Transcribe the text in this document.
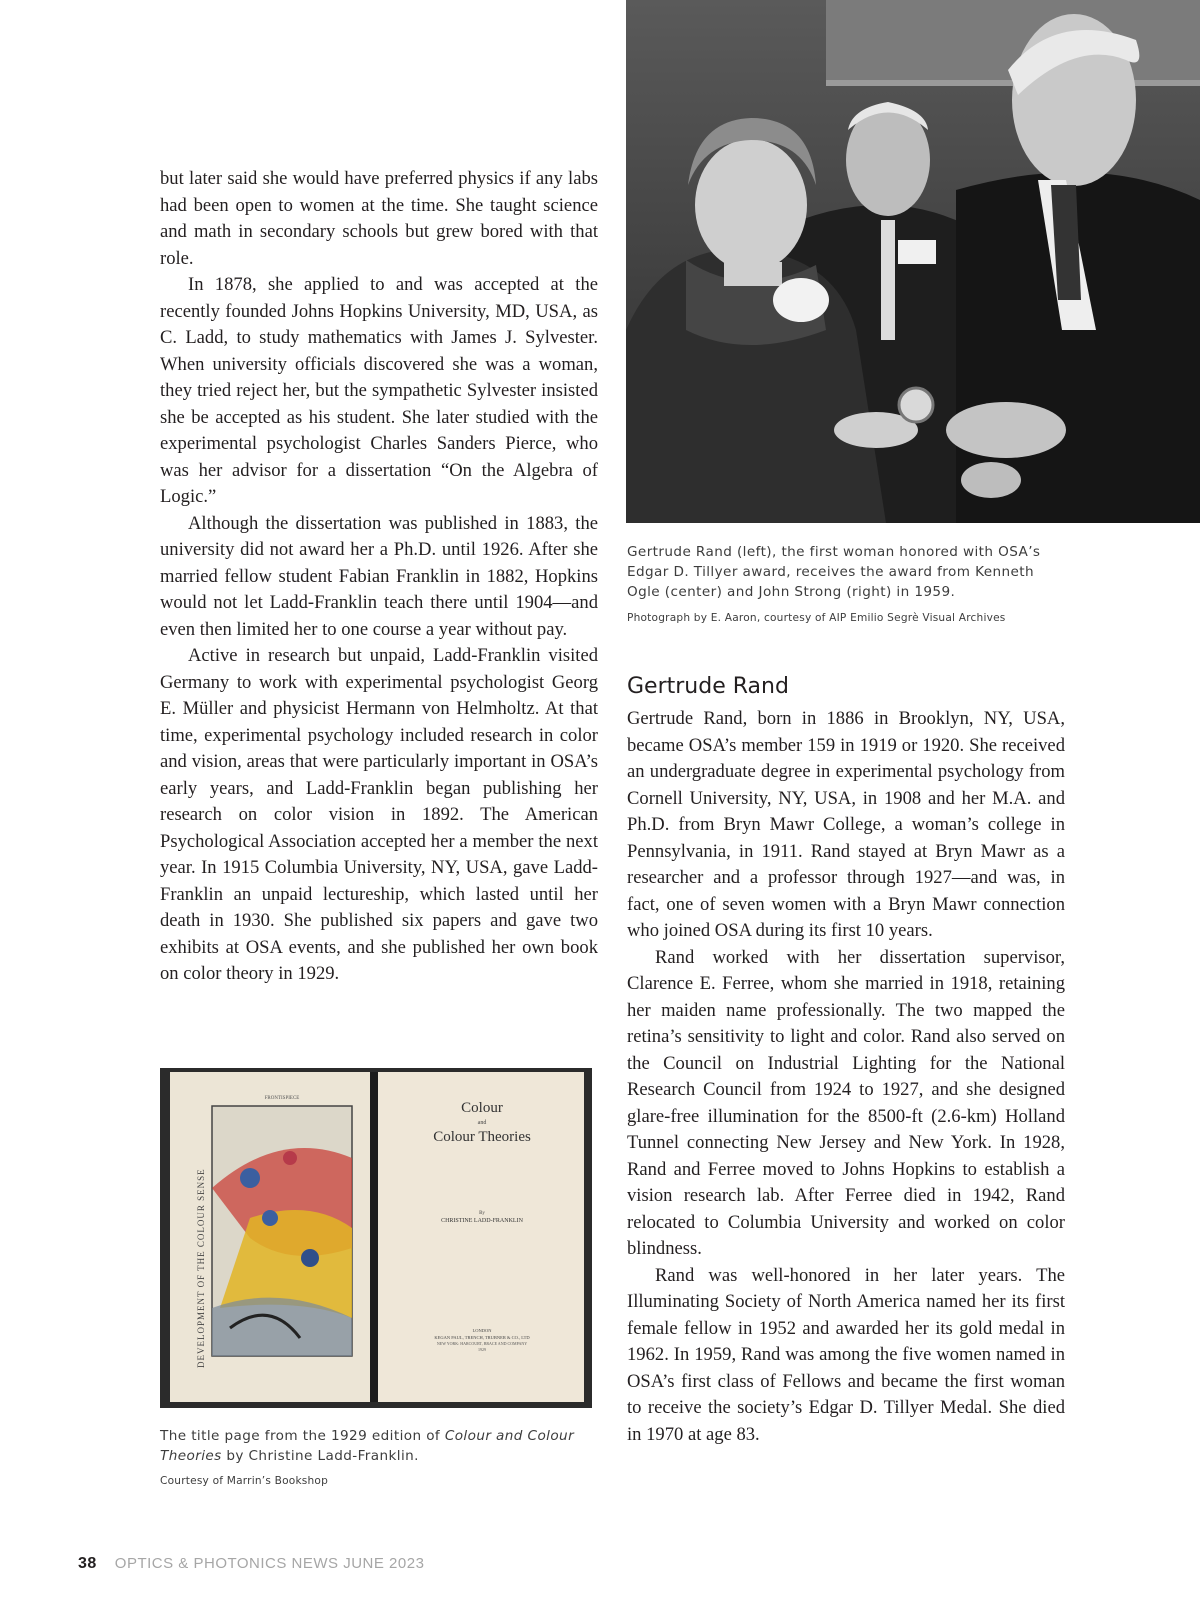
but later said she would have preferred physics if any labs had been open to women at the time. She taught science and math in secondary schools but grew bored with that role.

In 1878, she applied to and was accepted at the recently founded Johns Hopkins University, MD, USA, as C. Ladd, to study mathematics with James J. Sylvester. When university officials discovered she was a woman, they tried reject her, but the sympathetic Sylvester insisted she be accepted as his student. She later studied with the experimental psychologist Charles Sanders Pierce, who was her advisor for a dissertation “On the Algebra of Logic.”

Although the dissertation was published in 1883, the university did not award her a Ph.D. until 1926. After she married fellow student Fabian Franklin in 1882, Hopkins would not let Ladd-Franklin teach there until 1904—and even then limited her to one course a year without pay.

Active in research but unpaid, Ladd-Franklin visited Germany to work with experimental psychologist Georg E. Müller and physicist Hermann von Helmholtz. At that time, experimental psychology included research in color and vision, areas that were particularly important in OSA’s early years, and Ladd-Franklin began publishing her research on color vision in 1892. The American Psychological Association accepted her a member the next year. In 1915 Columbia University, NY, USA, gave Ladd-Franklin an unpaid lectureship, which lasted until her death in 1930. She published six papers and gave two exhibits at OSA events, and she published her own book on color theory in 1929.

Gertrude Rand (left), the first woman honored with OSA’s Edgar D. Tillyer award, receives the award from Kenneth Ogle (center) and John Strong (right) in 1959.
Photograph by E. Aaron, courtesy of AIP Emilio Segrè Visual Archives
Gertrude Rand

Gertrude Rand, born in 1886 in Brooklyn, NY, USA, became OSA’s member 159 in 1919 or 1920. She received an undergraduate degree in experimental psychology from Cornell University, NY, USA, in 1908 and her M.A. and Ph.D. from Bryn Mawr College, a woman’s college in Pennsylvania, in 1911. Rand stayed at Bryn Mawr as a researcher and a professor through 1927—and was, in fact, one of seven women with a Bryn Mawr connection who joined OSA during its first 10 years.

Rand worked with her dissertation supervisor, Clarence E. Ferree, whom she married in 1918, retaining her maiden name professionally. The two mapped the retina’s sensitivity to light and color. Rand also served on the Council on Industrial Lighting for the National Research Council from 1924 to 1927, and she designed glare-free illumination for the 8500-ft (2.6-km) Holland Tunnel connecting New Jersey and New York. In 1928, Rand and Ferree moved to Johns Hopkins to establish a vision research lab. After Ferree died in 1942, Rand relocated to Columbia University and worked on color blindness.

Rand was well-honored in her later years. The Illuminating Society of North America named her its first female fellow in 1952 and awarded her its gold medal in 1962. In 1959, Rand was among the five women named in OSA’s first class of Fellows and became the first woman to receive the society’s Edgar D. Tillyer Medal. She died in 1970 at age 83.

FRONTISPIECE
DEVELOPMENT OF THE COLOUR SENSE
Colour
and
Colour Theories
By
CHRISTINE LADD-FRANKLIN
LONDON
KEGAN PAUL, TRENCH, TRUBNER & CO., LTD
NEW YORK: HARCOURT, BRACE AND COMPANY
1929
The title page from the 1929 edition of Colour and Colour Theories by Christine Ladd-Franklin.
Courtesy of Marrin’s Bookshop
38 OPTICS & PHOTONICS NEWS JUNE 2023
